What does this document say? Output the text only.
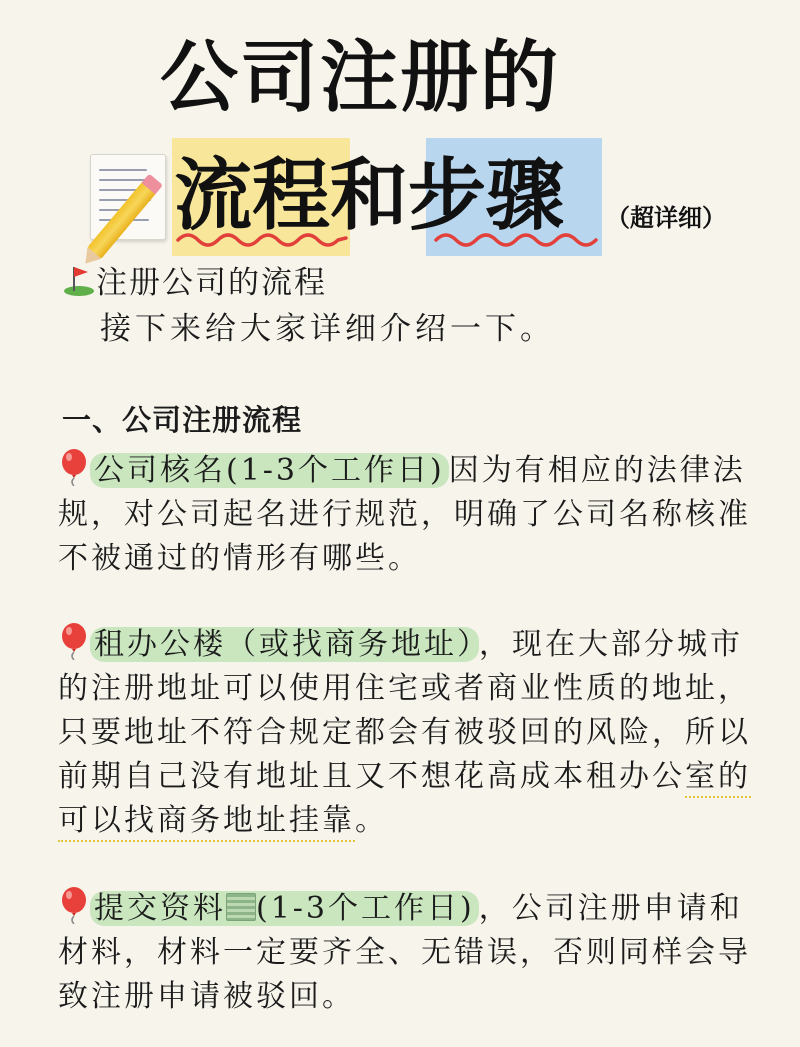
公司注册的
流程和步骤 （超详细）
注册公司的流程
接下来给大家详细介绍一下。
一、公司注册流程
公司核名(1-3个工作日) 因为有相应的法律法规，对公司起名进行规范，明确了公司名称核准不被通过的情形有哪些。
租办公楼（或找商务地址） ，现在大部分城市的注册地址可以使用住宅或者商业性质的地址，只要地址不符合规定都会有被驳回的风险，所以前期自己没有地址且又不想花高成本租办公室的可以找商务地址挂靠。
提交资料 (1-3个工作日) ，公司注册申请和材料，材料一定要齐全、无错误，否则同样会导致注册申请被驳回。
